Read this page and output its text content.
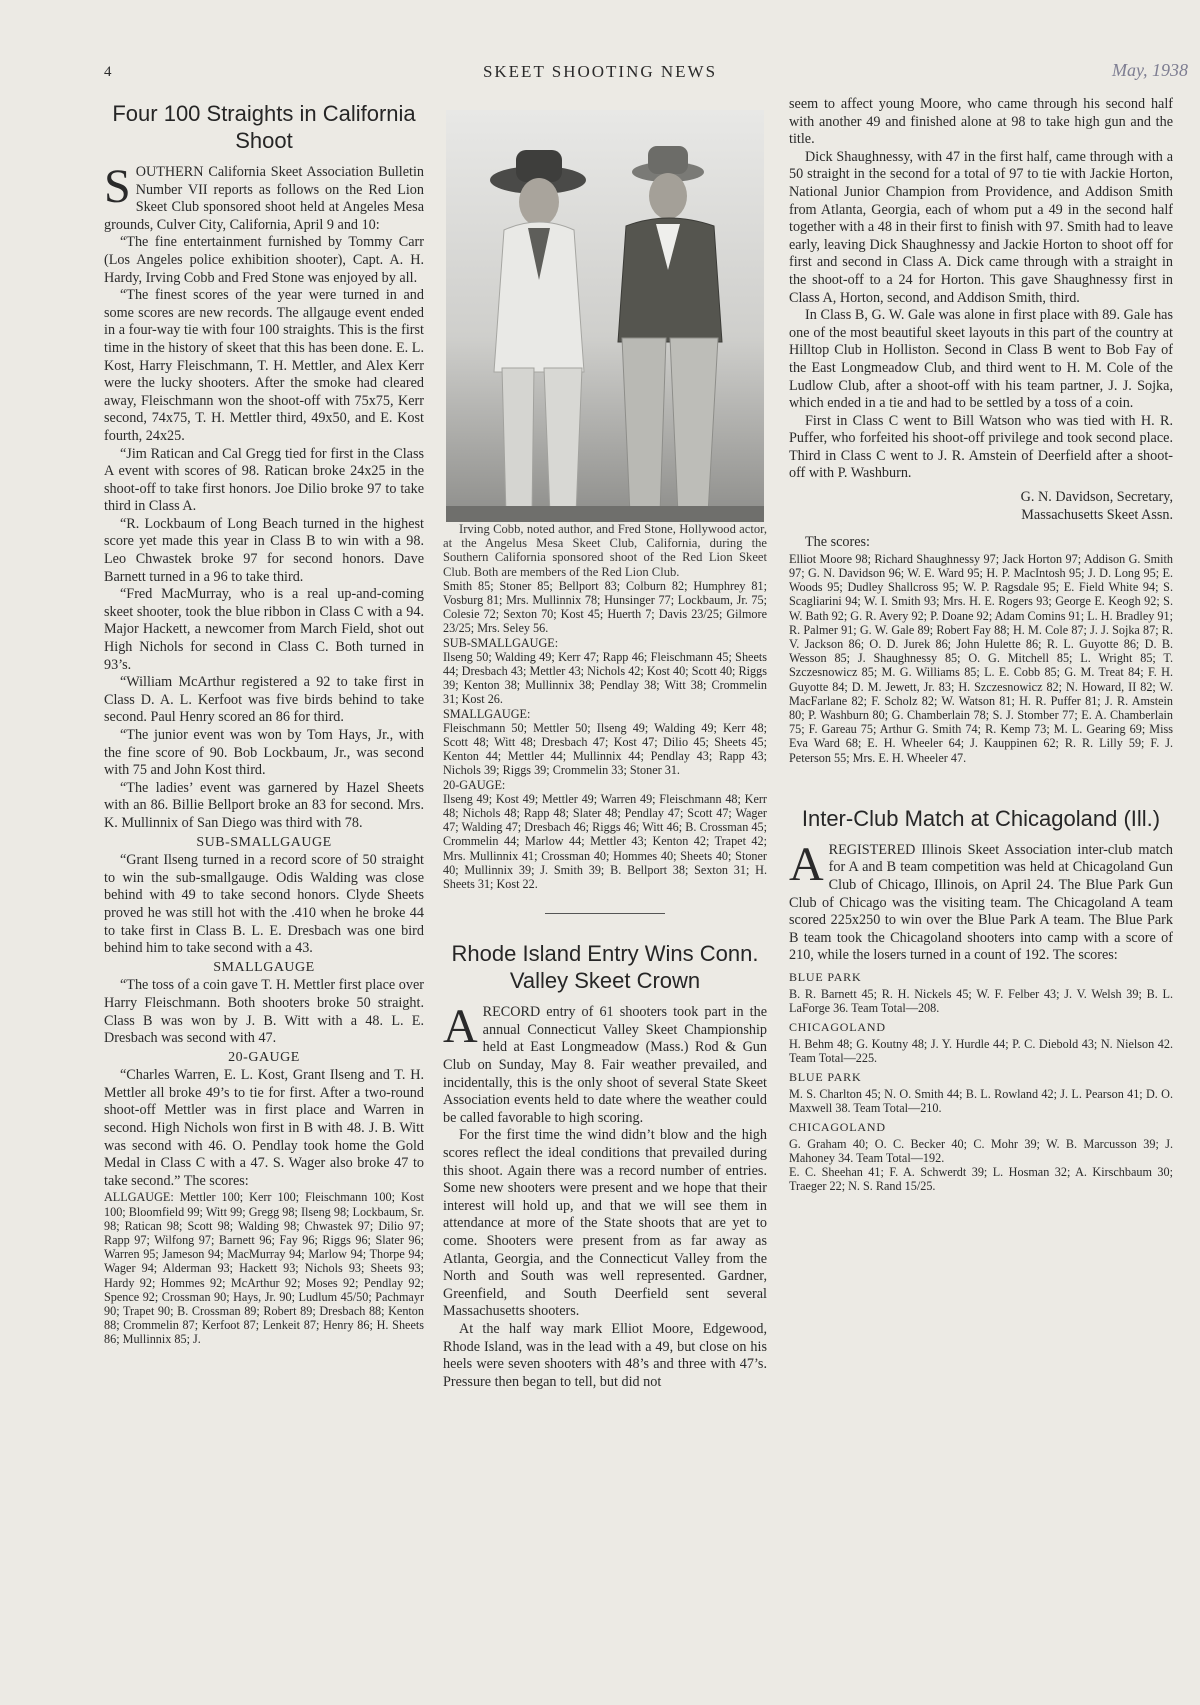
4	SKEET SHOOTING NEWS	May, 1938
Four 100 Straights in California Shoot

SOUTHERN California Skeet Association Bulletin Number VII reports as follows on the Red Lion Skeet Club sponsored shoot held at Angeles Mesa grounds, Culver City, California, April 9 and 10:

“The fine entertainment furnished by Tommy Carr (Los Angeles police exhibition shooter), Capt. A. H. Hardy, Irving Cobb and Fred Stone was enjoyed by all.

“The finest scores of the year were turned in and some scores are new records. The allgauge event ended in a four-way tie with four 100 straights. This is the first time in the history of skeet that this has been done. E. L. Kost, Harry Fleischmann, T. H. Mettler, and Alex Kerr were the lucky shooters. After the smoke had cleared away, Fleischmann won the shoot-off with 75x75, Kerr second, 74x75, T. H. Mettler third, 49x50, and E. Kost fourth, 24x25.

“Jim Ratican and Cal Gregg tied for first in the Class A event with scores of 98. Ratican broke 24x25 in the shoot-off to take first honors. Joe Dilio broke 97 to take third in Class A.

“R. Lockbaum of Long Beach turned in the highest score yet made this year in Class B to win with a 98. Leo Chwastek broke 97 for second honors. Dave Barnett turned in a 96 to take third.

“Fred MacMurray, who is a real up-and-coming skeet shooter, took the blue ribbon in Class C with a 94. Major Hackett, a newcomer from March Field, shot out High Nichols for second in Class C. Both turned in 93’s.

“William McArthur registered a 92 to take first in Class D. A. L. Kerfoot was five birds behind to take second. Paul Henry scored an 86 for third.

“The junior event was won by Tom Hays, Jr., with the fine score of 90. Bob Lockbaum, Jr., was second with 75 and John Kost third.

“The ladies’ event was garnered by Hazel Sheets with an 86. Billie Bellport broke an 83 for second. Mrs. K. Mullinnix of San Diego was third with 78.

SUB-SMALLGAUGE

“Grant Ilseng turned in a record score of 50 straight to win the sub-smallgauge. Odis Walding was close behind with 49 to take second honors. Clyde Sheets proved he was still hot with the .410 when he broke 44 to take first in Class B. L. E. Dresbach was one bird behind him to take second with a 43.

SMALLGAUGE

“The toss of a coin gave T. H. Mettler first place over Harry Fleischmann. Both shooters broke 50 straight. Class B was won by J. B. Witt with a 48. L. E. Dresbach was second with 47.

20-GAUGE

“Charles Warren, E. L. Kost, Grant Ilseng and T. H. Mettler all broke 49’s to tie for first. After a two-round shoot-off Mettler was in first place and Warren in second. High Nichols won first in B with 48. J. B. Witt was second with 46. O. Pendlay took home the Gold Medal in Class C with a 47. S. Wager also broke 47 to take second.” The scores:

ALLGAUGE: Mettler 100; Kerr 100; Fleischmann 100; Kost 100; Bloomfield 99; Witt 99; Gregg 98; Ilseng 98; Lockbaum, Sr. 98; Ratican 98; Scott 98; Walding 98; Chwastek 97; Dilio 97; Rapp 97; Wilfong 97; Barnett 96; Fay 96; Riggs 96; Slater 96; Warren 95; Jameson 94; MacMurray 94; Marlow 94; Thorpe 94; Wager 94; Alderman 93; Hackett 93; Nichols 93; Sheets 93; Hardy 92; Hommes 92; McArthur 92; Moses 92; Pendlay 92; Spence 92; Crossman 90; Hays, Jr. 90; Ludlum 45/50; Pachmayr 90; Trapet 90; B. Crossman 89; Robert 89; Dresbach 88; Kenton 88; Crommelin 87; Kerfoot 87; Lenkeit 87; Henry 86; H. Sheets 86; Mullinnix 85; J.

Irving Cobb, noted author, and Fred Stone, Hollywood actor, at the Angelus Mesa Skeet Club, California, during the Southern California sponsored shoot of the Red Lion Skeet Club. Both are members of the Red Lion Club.

Smith 85; Stoner 85; Bellport 83; Colburn 82; Humphrey 81; Vosburg 81; Mrs. Mullinnix 78; Hunsinger 77; Lockbaum, Jr. 75; Colesie 72; Sexton 70; Kost 45; Huerth 7; Davis 23/25; Gilmore 23/25; Mrs. Seley 56.

SUB-SMALLGAUGE:

Ilseng 50; Walding 49; Kerr 47; Rapp 46; Fleischmann 45; Sheets 44; Dresbach 43; Mettler 43; Nichols 42; Kost 40; Scott 40; Riggs 39; Kenton 38; Mullinnix 38; Pendlay 38; Witt 38; Crommelin 31; Kost 26.

SMALLGAUGE:

Fleischmann 50; Mettler 50; Ilseng 49; Walding 49; Kerr 48; Scott 48; Witt 48; Dresbach 47; Kost 47; Dilio 45; Sheets 45; Kenton 44; Mettler 44; Mullinnix 44; Pendlay 43; Rapp 43; Nichols 39; Riggs 39; Crommelin 33; Stoner 31.

20-GAUGE:

Ilseng 49; Kost 49; Mettler 49; Warren 49; Fleischmann 48; Kerr 48; Nichols 48; Rapp 48; Slater 48; Pendlay 47; Scott 47; Wager 47; Walding 47; Dresbach 46; Riggs 46; Witt 46; B. Crossman 45; Crommelin 44; Marlow 44; Mettler 43; Kenton 42; Trapet 42; Mrs. Mullinnix 41; Crossman 40; Hommes 40; Sheets 40; Stoner 40; Mullinnix 39; J. Smith 39; B. Bellport 38; Sexton 31; H. Sheets 31; Kost 22.

Rhode Island Entry Wins Conn. Valley Skeet Crown

ARECORD entry of 61 shooters took part in the annual Connecticut Valley Skeet Championship held at East Longmeadow (Mass.) Rod & Gun Club on Sunday, May 8. Fair weather prevailed, and incidentally, this is the only shoot of several State Skeet Association events held to date where the weather could be called favorable to high scoring.

For the first time the wind didn’t blow and the high scores reflect the ideal conditions that prevailed during this shoot. Again there was a record number of entries. Some new shooters were present and we hope that their interest will hold up, and that we will see them in attendance at more of the State shoots that are yet to come. Shooters were present from as far away as Atlanta, Georgia, and the Connecticut Valley from the North and South was well represented. Gardner, Greenfield, and South Deerfield sent several Massachusetts shooters.

At the half way mark Elliot Moore, Edgewood, Rhode Island, was in the lead with a 49, but close on his heels were seven shooters with 48’s and three with 47’s. Pressure then began to tell, but did not

seem to affect young Moore, who came through his second half with another 49 and finished alone at 98 to take high gun and the title.

Dick Shaughnessy, with 47 in the first half, came through with a 50 straight in the second for a total of 97 to tie with Jackie Horton, National Junior Champion from Providence, and Addison Smith from Atlanta, Georgia, each of whom put a 49 in the second half together with a 48 in their first to finish with 97. Smith had to leave early, leaving Dick Shaughnessy and Jackie Horton to shoot off for first and second in Class A. Dick came through with a straight in the shoot-off to a 24 for Horton. This gave Shaughnessy first in Class A, Horton, second, and Addison Smith, third.

In Class B, G. W. Gale was alone in first place with 89. Gale has one of the most beautiful skeet layouts in this part of the country at Hilltop Club in Holliston. Second in Class B went to Bob Fay of the East Longmeadow Club, and third went to H. M. Cole of the Ludlow Club, after a shoot-off with his team partner, J. J. Sojka, which ended in a tie and had to be settled by a toss of a coin.

First in Class C went to Bill Watson who was tied with H. R. Puffer, who forfeited his shoot-off privilege and took second place. Third in Class C went to J. R. Amstein of Deerfield after a shoot-off with P. Washburn.

G. N. Davidson, Secretary,
Massachusetts Skeet Assn.

The scores:

Elliot Moore 98; Richard Shaughnessy 97; Jack Horton 97; Addison G. Smith 97; G. N. Davidson 96; W. E. Ward 95; H. P. MacIntosh 95; J. D. Long 95; E. Woods 95; Dudley Shallcross 95; W. P. Ragsdale 95; E. Field White 94; S. Scagliarini 94; W. I. Smith 93; Mrs. H. E. Rogers 93; George E. Keogh 92; S. W. Bath 92; G. R. Avery 92; P. Doane 92; Adam Comins 91; L. H. Bradley 91; R. Palmer 91; G. W. Gale 89; Robert Fay 88; H. M. Cole 87; J. J. Sojka 87; R. V. Jackson 86; O. D. Jurek 86; John Hulette 86; R. L. Guyotte 86; D. B. Wesson 85; J. Shaughnessy 85; O. G. Mitchell 85; L. Wright 85; T. Szczesnowicz 85; M. G. Williams 85; L. E. Cobb 85; G. M. Treat 84; F. H. Guyotte 84; D. M. Jewett, Jr. 83; H. Szczesnowicz 82; N. Howard, II 82; W. MacFarlane 82; F. Scholz 82; W. Watson 81; H. R. Puffer 81; J. R. Amstein 80; P. Washburn 80; G. Chamberlain 78; S. J. Stomber 77; E. A. Chamberlain 75; F. Gareau 75; Arthur G. Smith 74; R. Kemp 73; M. L. Gearing 69; Miss Eva Ward 68; E. H. Wheeler 64; J. Kauppinen 62; R. R. Lilly 59; F. J. Peterson 55; Mrs. E. H. Wheeler 47.

Inter-Club Match at Chicagoland (Ill.)

AREGISTERED Illinois Skeet Association inter-club match for A and B team competition was held at Chicagoland Gun Club of Chicago, Illinois, on April 24. The Blue Park Gun Club of Chicago was the visiting team. The Chicagoland A team scored 225x250 to win over the Blue Park A team. The Blue Park B team took the Chicagoland shooters into camp with a score of 210, while the losers turned in a count of 192. The scores:

BLUE PARK

B. R. Barnett 45; R. H. Nickels 45; W. F. Felber 43; J. V. Welsh 39; B. L. LaForge 36. Team Total—208.

CHICAGOLAND

H. Behm 48; G. Koutny 48; J. Y. Hurdle 44; P. C. Diebold 43; N. Nielson 42. Team Total—225.

BLUE PARK

M. S. Charlton 45; N. O. Smith 44; B. L. Rowland 42; J. L. Pearson 41; D. O. Maxwell 38. Team Total—210.

CHICAGOLAND

G. Graham 40; O. C. Becker 40; C. Mohr 39; W. B. Marcusson 39; J. Mahoney 34. Team Total—192.

E. C. Sheehan 41; F. A. Schwerdt 39; L. Hosman 32; A. Kirschbaum 30; Traeger 22; N. S. Rand 15/25.
